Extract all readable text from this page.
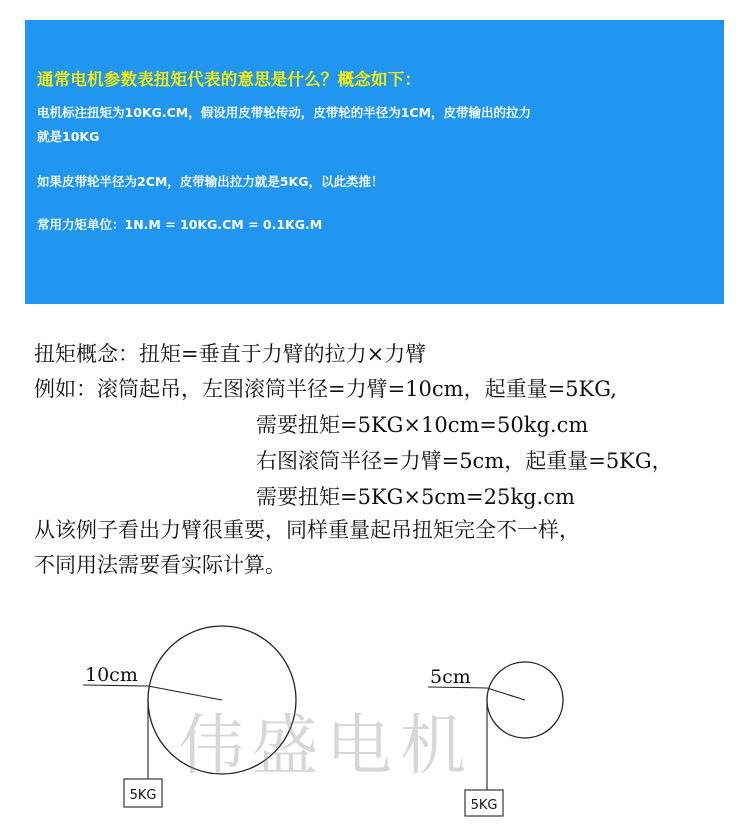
通常电机参数表扭矩代表的意思是什么？概念如下：
电机标注扭矩为10KG.CM，假设用皮带轮传动，皮带轮的半径为1CM，皮带输出的拉力
就是10KG
如果皮带轮半径为2CM，皮带输出拉力就是5KG，以此类推！
常用力矩单位：1N.M = 10KG.CM = 0.1KG.M
扭矩概念：扭矩=垂直于力臂的拉力×力臂
例如：滚筒起吊，左图滚筒半径=力臂=10cm，起重量=5KG,
需要扭矩=5KG×10cm=50kg.cm
右图滚筒半径=力臂=5cm，起重量=5KG，
需要扭矩=5KG×5cm=25kg.cm
从该例子看出力臂很重要，同样重量起吊扭矩完全不一样，
不同用法需要看实际计算。
10cm
5KG
5cm
5KG
伟盛电机
